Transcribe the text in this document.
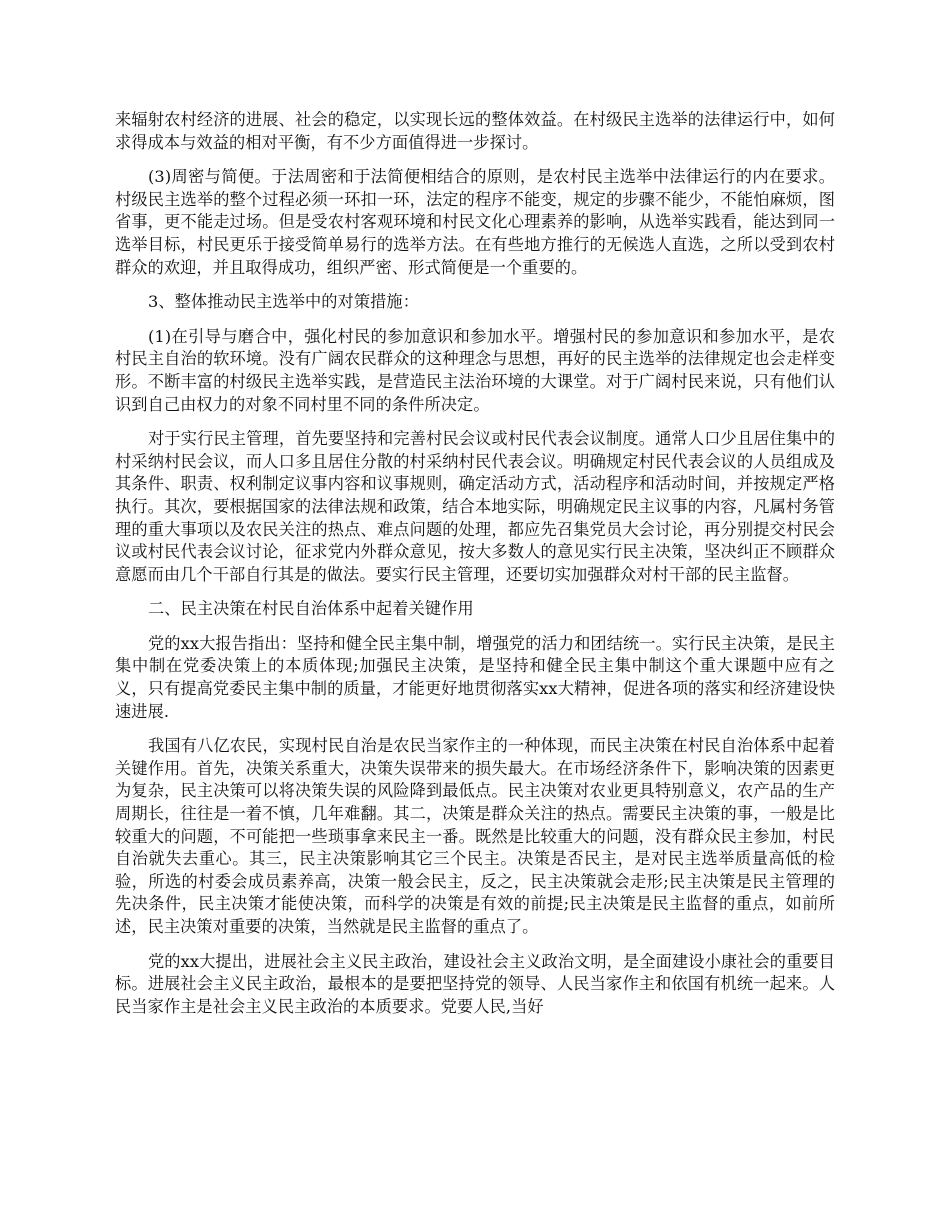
来辐射农村经济的进展、社会的稳定，以实现长远的整体效益。在村级民主选举的法律运行中，如何求得成本与效益的相对平衡，有不少方面值得进一步探讨。

(3)周密与简便。于法周密和于法简便相结合的原则，是农村民主选举中法律运行的内在要求。村级民主选举的整个过程必须一环扣一环，法定的程序不能变，规定的步骤不能少，不能怕麻烦，图省事，更不能走过场。但是受农村客观环境和村民文化心理素养的影响，从选举实践看，能达到同一选举目标，村民更乐于接受简单易行的选举方法。在有些地方推行的无候选人直选，之所以受到农村群众的欢迎，并且取得成功，组织严密、形式简便是一个重要的。

3、整体推动民主选举中的对策措施：

(1)在引导与磨合中，强化村民的参加意识和参加水平。增强村民的参加意识和参加水平，是农村民主自治的软环境。没有广阔农民群众的这种理念与思想，再好的民主选举的法律规定也会走样变形。不断丰富的村级民主选举实践，是营造民主法治环境的大课堂。对于广阔村民来说，只有他们认识到自己由权力的对象不同村里不同的条件所决定。

对于实行民主管理，首先要坚持和完善村民会议或村民代表会议制度。通常人口少且居住集中的村采纳村民会议，而人口多且居住分散的村采纳村民代表会议。明确规定村民代表会议的人员组成及其条件、职责、权利制定议事内容和议事规则，确定活动方式，活动程序和活动时间，并按规定严格执行。其次，要根据国家的法律法规和政策，结合本地实际，明确规定民主议事的内容，凡属村务管理的重大事项以及农民关注的热点、难点问题的处理，都应先召集党员大会讨论，再分别提交村民会议或村民代表会议讨论，征求党内外群众意见，按大多数人的意见实行民主决策，坚决纠正不顾群众意愿而由几个干部自行其是的做法。要实行民主管理，还要切实加强群众对村干部的民主监督。

二、民主决策在村民自治体系中起着关键作用

党的xx大报告指出：坚持和健全民主集中制，增强党的活力和团结统一。实行民主决策，是民主集中制在党委决策上的本质体现;加强民主决策，是坚持和健全民主集中制这个重大课题中应有之义，只有提高党委民主集中制的质量，才能更好地贯彻落实xx大精神，促进各项的落实和经济建设快速进展.

我国有八亿农民，实现村民自治是农民当家作主的一种体现，而民主决策在村民自治体系中起着关键作用。首先，决策关系重大，决策失误带来的损失最大。在市场经济条件下，影响决策的因素更为复杂，民主决策可以将决策失误的风险降到最低点。民主决策对农业更具特别意义，农产品的生产周期长，往往是一着不慎，几年难翻。其二，决策是群众关注的热点。需要民主决策的事，一般是比较重大的问题，不可能把一些琐事拿来民主一番。既然是比较重大的问题，没有群众民主参加，村民自治就失去重心。其三，民主决策影响其它三个民主。决策是否民主，是对民主选举质量高低的检验，所选的村委会成员素养高，决策一般会民主，反之，民主决策就会走形;民主决策是民主管理的先决条件，民主决策才能使决策，而科学的决策是有效的前提;民主决策是民主监督的重点，如前所述，民主决策对重要的决策，当然就是民主监督的重点了。

党的xx大提出，进展社会主义民主政治，建设社会主义政治文明，是全面建设小康社会的重要目标。进展社会主义民主政治，最根本的是要把坚持党的领导、人民当家作主和依国有机统一起来。人民当家作主是社会主义民主政治的本质要求。党要人民,当好
